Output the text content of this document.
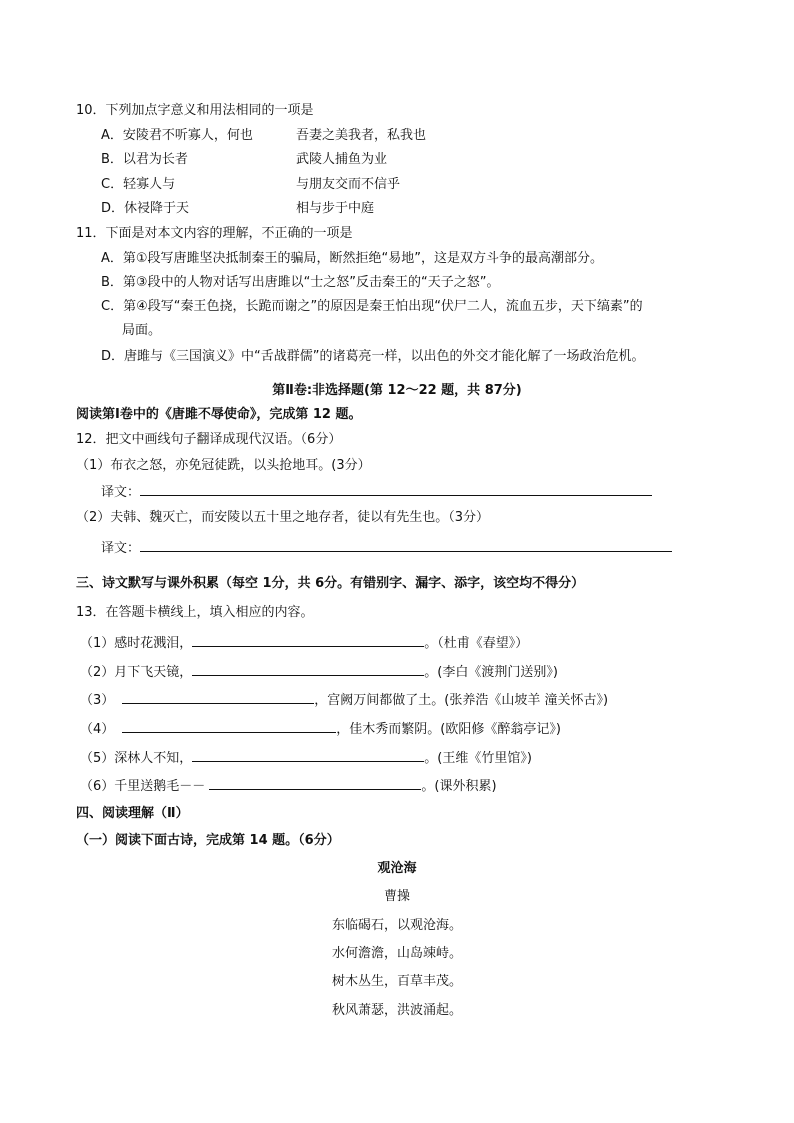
10．下列加点字意义和用法相同的一项是
A．安陵君不听寡人，何也	吾妻之美我者，私我也
B．以君为长者	武陵人捕鱼为业
C．轻寡人与	与朋友交而不信乎
D．休祲降于天	相与步于中庭
11．下面是对本文内容的理解，不正确的一项是
A．第①段写唐雎坚决抵制秦王的骗局，断然拒绝“易地”，这是双方斗争的最高潮部分。
B．第③段中的人物对话写出唐雎以“士之怒”反击秦王的“天子之怒”。
C．第④段写“秦王色挠，长跪而谢之”的原因是秦王怕出现“伏尸二人，流血五步，天下缟素”的
局面。
D．唐雎与《三国演义》中“舌战群儒”的诸葛亮一样，以出色的外交才能化解了一场政治危机。
第Ⅱ卷:非选择题(第 12～22 题，共 87分)
阅读第Ⅰ卷中的《唐雎不辱使命》，完成第 12 题。
12．把文中画线句子翻译成现代汉语。（6分）
（1）布衣之怒，亦免冠徒跣，以头抢地耳。(3分）
译文：
（2）夫韩、魏灭亡，而安陵以五十里之地存者，徒以有先生也。（3分）
译文：
三、诗文默写与课外积累（每空 1分，共 6分。有错别字、漏字、添字，该空均不得分）
13．在答题卡横线上，填入相应的内容。
（1）感时花溅泪，	。（杜甫《春望》）
（2）月下飞天镜，	。(李白《渡荆门送别》)
（3）	，宫阙万间都做了土。(张养浩《山坡羊 潼关怀古》)
（4）	，佳木秀而繁阴。(欧阳修《醉翁亭记》)
（5）深林人不知，	。(王维《竹里馆》)
（6）千里送鹅毛－－	。(课外积累)
四、阅读理解（Ⅱ）
（一）阅读下面古诗，完成第 14 题。（6分）
观沧海
曹操
东临碣石，以观沧海。
水何澹澹，山岛竦峙。
树木丛生，百草丰茂。
秋风萧瑟，洪波涌起。
